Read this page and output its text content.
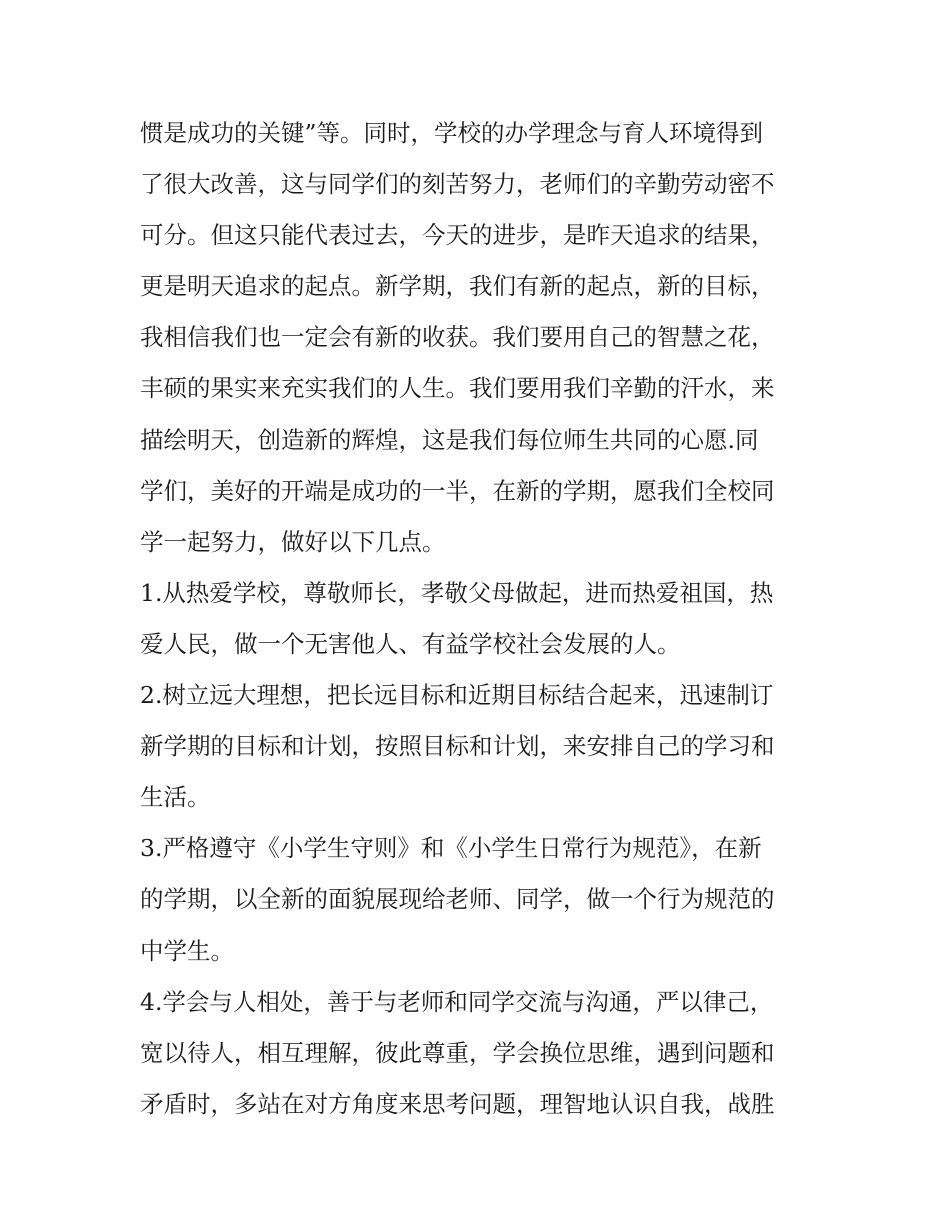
惯是成功的关键”等。同时，学校的办学理念与育人环境得到
了很大改善，这与同学们的刻苦努力，老师们的辛勤劳动密不
可分。但这只能代表过去，今天的进步，是昨天追求的结果，
更是明天追求的起点。新学期，我们有新的起点，新的目标，
我相信我们也一定会有新的收获。我们要用自己的智慧之花，
丰硕的果实来充实我们的人生。我们要用我们辛勤的汗水，来
描绘明天，创造新的辉煌，这是我们每位师生共同的心愿.同
学们，美好的开端是成功的一半，在新的学期，愿我们全校同
学一起努力，做好以下几点。
1.从热爱学校，尊敬师长，孝敬父母做起，进而热爱祖国，热
爱人民，做一个无害他人、有益学校社会发展的人。
2.树立远大理想，把长远目标和近期目标结合起来，迅速制订
新学期的目标和计划，按照目标和计划，来安排自己的学习和
生活。
3.严格遵守《小学生守则》和《小学生日常行为规范》，在新
的学期，以全新的面貌展现给老师、同学，做一个行为规范的
中学生。
4.学会与人相处，善于与老师和同学交流与沟通，严以律己，
宽以待人，相互理解，彼此尊重，学会换位思维，遇到问题和
矛盾时，多站在对方角度来思考问题，理智地认识自我，战胜
